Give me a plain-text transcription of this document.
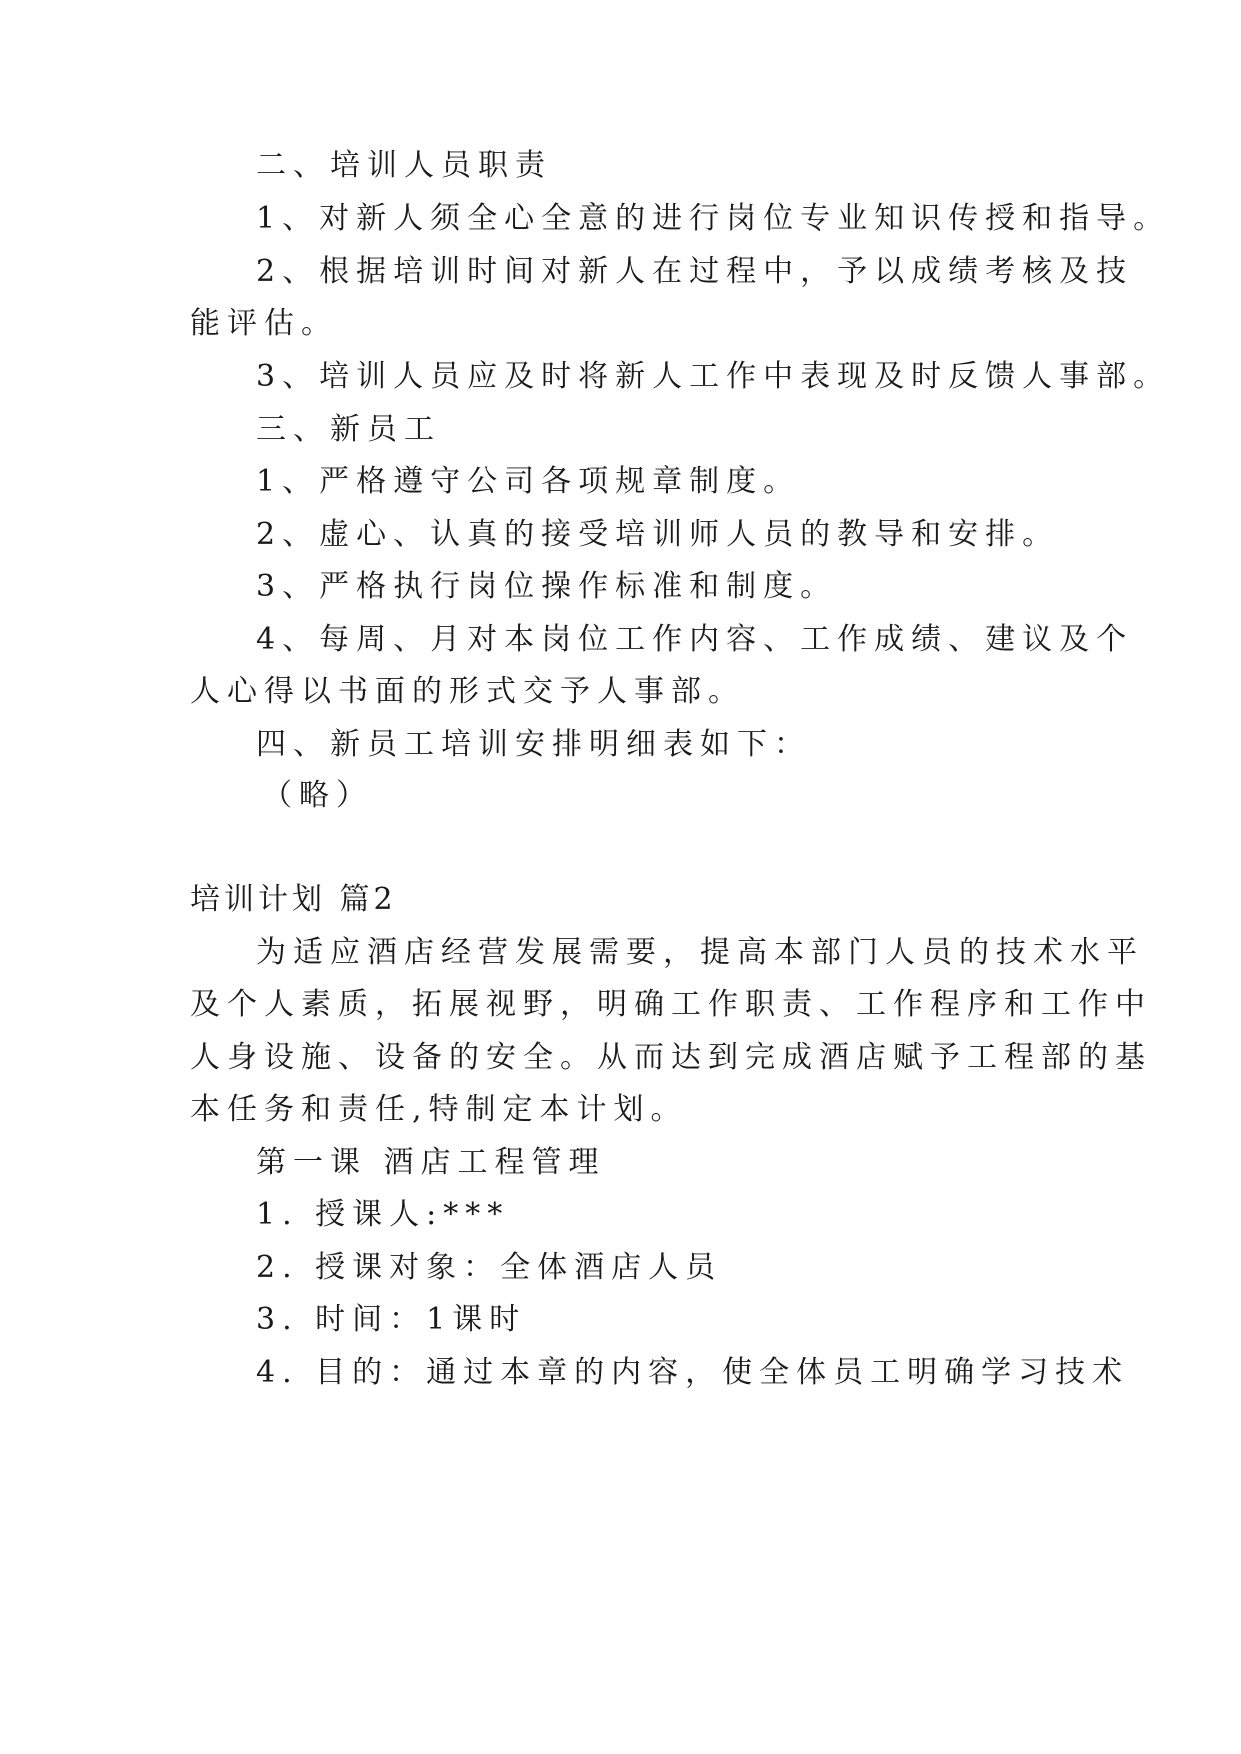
二、培训人员职责
1、对新人须全心全意的进行岗位专业知识传授和指导。
2、根据培训时间对新人在过程中，予以成绩考核及技
能评估。
3、培训人员应及时将新人工作中表现及时反馈人事部。
三、新员工
1、严格遵守公司各项规章制度。
2、虚心、认真的接受培训师人员的教导和安排。
3、严格执行岗位操作标准和制度。
4、每周、月对本岗位工作内容、工作成绩、建议及个
人心得以书面的形式交予人事部。
四、新员工培训安排明细表如下：
（略）
培训计划 篇2
为适应酒店经营发展需要，提高本部门人员的技术水平
及个人素质，拓展视野，明确工作职责、工作程序和工作中
人身设施、设备的安全。从而达到完成酒店赋予工程部的基
本任务和责任,特制定本计划。
第一课 酒店工程管理
1. 授课人:***
2. 授课对象：全体酒店人员
3. 时间：1课时
4. 目的：通过本章的内容，使全体员工明确学习技术
